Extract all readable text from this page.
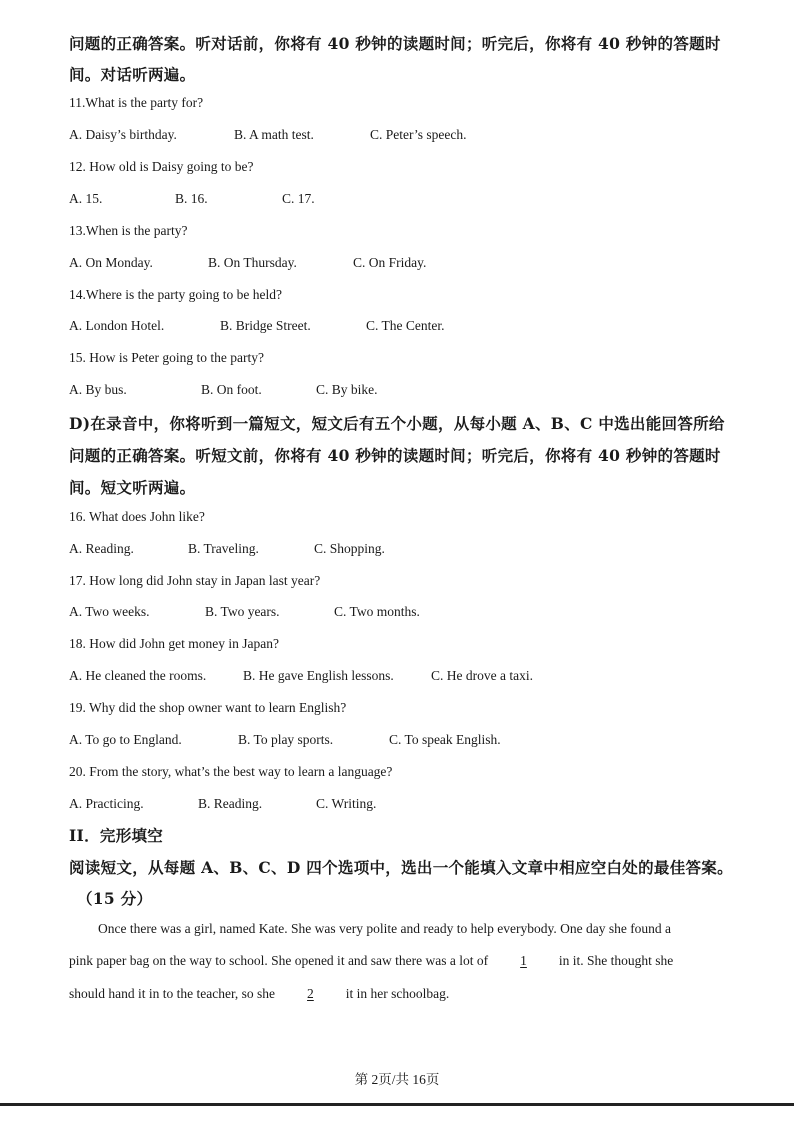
问题的正确答案。听对话前，你将有 40 秒钟的读题时间；听完后，你将有 40 秒钟的答题时
间。对话听两遍。
11.What is the party for?
A. Daisy’s birthday.	B. A math test.	C. Peter’s speech.
12. How old is Daisy going to be?
A. 15.	B. 16.	C. 17.
13.When is the party?
A. On Monday.	B. On Thursday.	C. On Friday.
14.Where is the party going to be held?
A. London Hotel.	B. Bridge Street.	C. The Center.
15. How is Peter going to the party?
A. By bus.	B. On foot.	C. By bike.
D)在录音中，你将听到一篇短文，短文后有五个小题，从每小题 A、B、C 中选出能回答所给
问题的正确答案。听短文前，你将有 40 秒钟的读题时间；听完后，你将有 40 秒钟的答题时
间。短文听两遍。
16. What does John like?
A. Reading.	B. Traveling.	C. Shopping.
17. How long did John stay in Japan last year?
A. Two weeks.	B. Two years.	C. Two months.
18. How did John get money in Japan?
A. He cleaned the rooms.	B. He gave English lessons.	C. He drove a taxi.
19. Why did the shop owner want to learn English?
A. To go to England.	B. To play sports.	C. To speak English.
20. From the story, what’s the best way to learn a language?
A. Practicing.	B. Reading.	C. Writing.
II．完形填空
阅读短文，从每题 A、B、C、D 四个选项中，选出一个能填入文章中相应空白处的最佳答案。
（15 分）
Once there was a girl, named Kate. She was very polite and ready to help everybody. One day she found a
pink paper bag on the way to school. She opened it and saw there was a lot of 1 in it. She thought she
should hand it in to the teacher, so she 2 it in her schoolbag.
第 2页/共 16页
